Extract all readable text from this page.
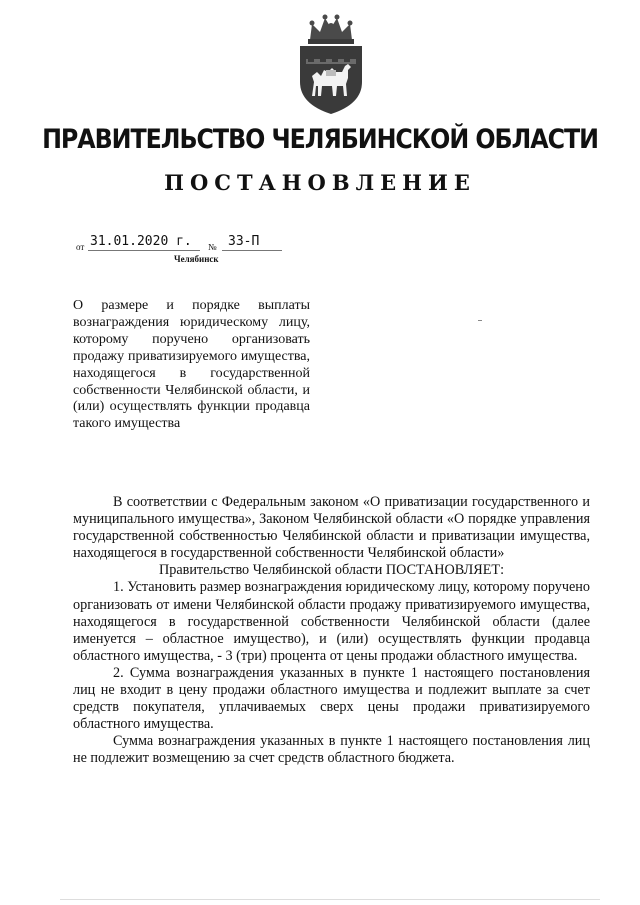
ПРАВИТЕЛЬСТВО ЧЕЛЯБИНСКОЙ ОБЛАСТИ
ПОСТАНОВЛЕНИЕ
от 31.01.2020 г. № 33-П
Челябинск
О размере и порядке выплаты вознаграждения юридическому лицу, которому поручено организовать продажу приватизируемого имущества, находящегося в государственной собственности Челябинской области, и (или) осуществлять функции продавца такого имущества

В соответствии с Федеральным законом «О приватизации государственного и муниципального имущества», Законом Челябинской области «О порядке управления государственной собственностью Челябинской области и приватизации имущества, находящегося в государственной собственности Челябинской области»

Правительство Челябинской области ПОСТАНОВЛЯЕТ:

1. Установить размер вознаграждения юридическому лицу, которому поручено организовать от имени Челябинской области продажу приватизируемого имущества, находящегося в государственной собственности Челябинской области (далее именуется – областное имущество), и (или) осуществлять функции продавца областного имущества, - 3 (три) процента от цены продажи областного имущества.

2. Сумма вознаграждения указанных в пункте 1 настоящего постановления лиц не входит в цену продажи областного имущества и подлежит выплате за счет средств покупателя, уплачиваемых сверх цены продажи приватизируемого областного имущества.

Сумма вознаграждения указанных в пункте 1 настоящего постановления лиц не подлежит возмещению за счет средств областного бюджета.
